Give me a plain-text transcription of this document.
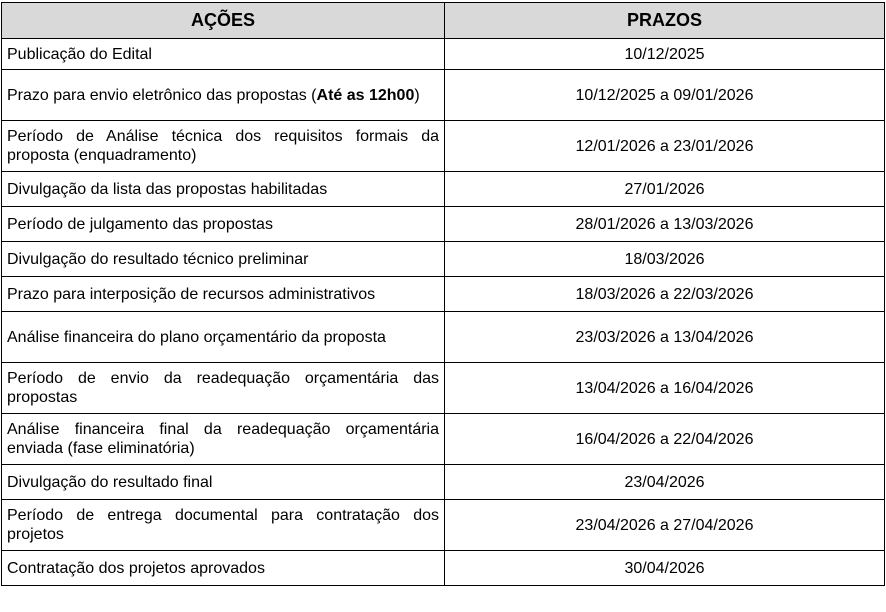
AÇÕES	PRAZOS
Publicação do Edital	10/12/2025
Prazo para envio eletrônico das propostas (Até as 12h00)	10/12/2025 a 09/01/2026
Período de Análise técnica dos requisitos formais da proposta (enquadramento)	12/01/2026 a 23/01/2026
Divulgação da lista das propostas habilitadas	27/01/2026
Período de julgamento das propostas	28/01/2026 a 13/03/2026
Divulgação do resultado técnico preliminar	18/03/2026
Prazo para interposição de recursos administrativos	18/03/2026 a 22/03/2026
Análise financeira do plano orçamentário da proposta	23/03/2026 a 13/04/2026
Período de envio da readequação orçamentária das propostas	13/04/2026 a 16/04/2026
Análise financeira final da readequação orçamentária enviada (fase eliminatória)	16/04/2026 a 22/04/2026
Divulgação do resultado final	23/04/2026
Período de entrega documental para contratação dos projetos	23/04/2026 a 27/04/2026
Contratação dos projetos aprovados	30/04/2026
